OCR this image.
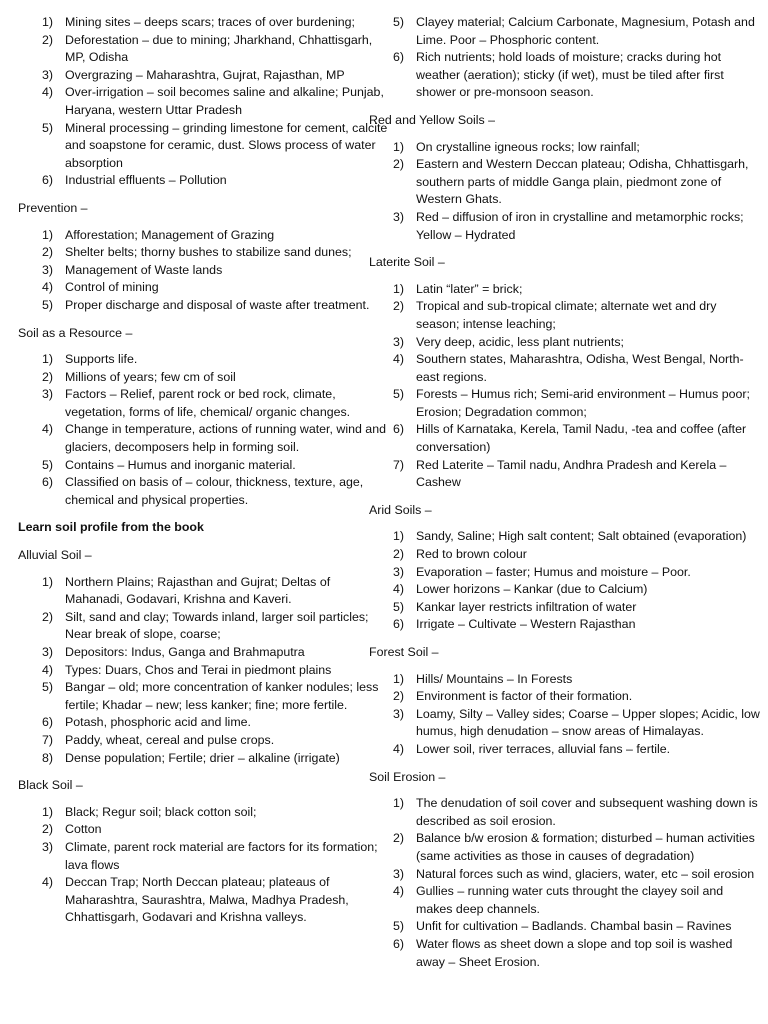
1) Mining sites – deeps scars; traces of over burdening;
2) Deforestation – due to mining; Jharkhand, Chhattisgarh, MP, Odisha
3) Overgrazing – Maharashtra, Gujrat, Rajasthan, MP
4) Over-irrigation – soil becomes saline and alkaline; Punjab, Haryana, western Uttar Pradesh
5) Mineral processing – grinding limestone for cement, calcite and soapstone for ceramic, dust. Slows process of water absorption
6) Industrial effluents – Pollution
Prevention –
1) Afforestation; Management of Grazing
2) Shelter belts; thorny bushes to stabilize sand dunes;
3) Management of Waste lands
4) Control of mining
5) Proper discharge and disposal of waste after treatment.
Soil as a Resource –
1) Supports life.
2) Millions of years; few cm of soil
3) Factors – Relief, parent rock or bed rock, climate, vegetation, forms of life, chemical/ organic changes.
4) Change in temperature, actions of running water, wind and glaciers, decomposers help in forming soil.
5) Contains – Humus and inorganic material.
6) Classified on basis of – colour, thickness, texture, age, chemical and physical properties.
Learn soil profile from the book
Alluvial Soil –
1) Northern Plains; Rajasthan and Gujrat; Deltas of Mahanadi, Godavari, Krishna and Kaveri.
2) Silt, sand and clay; Towards inland, larger soil particles; Near break of slope, coarse;
3) Depositors: Indus, Ganga and Brahmaputra
4) Types: Duars, Chos and Terai in piedmont plains
5) Bangar – old; more concentration of kanker nodules; less fertile; Khadar – new; less kanker; fine; more fertile.
6) Potash, phosphoric acid and lime.
7) Paddy, wheat, cereal and pulse crops.
8) Dense population; Fertile; drier – alkaline (irrigate)
Black Soil –
1) Black; Regur soil; black cotton soil;
2) Cotton
3) Climate, parent rock material are factors for its formation; lava flows
4) Deccan Trap; North Deccan plateau; plateaus of Maharashtra, Saurashtra, Malwa, Madhya Pradesh, Chhattisgarh, Godavari and Krishna valleys.
5) Clayey material; Calcium Carbonate, Magnesium, Potash and Lime. Poor – Phosphoric content.
6) Rich nutrients; hold loads of moisture; cracks during hot weather (aeration); sticky (if wet), must be tiled after first shower or pre-monsoon season.
Red and Yellow Soils –
1) On crystalline igneous rocks; low rainfall;
2) Eastern and Western Deccan plateau; Odisha, Chhattisgarh, southern parts of middle Ganga plain, piedmont zone of Western Ghats.
3) Red – diffusion of iron in crystalline and metamorphic rocks; Yellow – Hydrated
Laterite Soil –
1) Latin “later” = brick;
2) Tropical and sub-tropical climate; alternate wet and dry season; intense leaching;
3) Very deep, acidic, less plant nutrients;
4) Southern states, Maharashtra, Odisha, West Bengal, North-east regions.
5) Forests – Humus rich; Semi-arid environment – Humus poor; Erosion; Degradation common;
6) Hills of Karnataka, Kerela, Tamil Nadu, -tea and coffee (after conversation)
7) Red Laterite – Tamil nadu, Andhra Pradesh and Kerela – Cashew
Arid Soils –
1) Sandy, Saline; High salt content; Salt obtained (evaporation)
2) Red to brown colour
3) Evaporation – faster; Humus and moisture – Poor.
4) Lower horizons – Kankar (due to Calcium)
5) Kankar layer restricts infiltration of water
6) Irrigate – Cultivate – Western Rajasthan
Forest Soil –
1) Hills/ Mountains – In Forests
2) Environment is factor of their formation.
3) Loamy, Silty – Valley sides; Coarse – Upper slopes; Acidic, low humus, high denudation – snow areas of Himalayas.
4) Lower soil, river terraces, alluvial fans – fertile.
Soil Erosion –
1) The denudation of soil cover and subsequent washing down is described as soil erosion.
2) Balance b/w erosion & formation; disturbed – human activities (same activities as those in causes of degradation)
3) Natural forces such as wind, glaciers, water, etc – soil erosion
4) Gullies – running water cuts throught the clayey soil and makes deep channels.
5) Unfit for cultivation – Badlands. Chambal basin – Ravines
6) Water flows as sheet down a slope and top soil is washed away – Sheet Erosion.
